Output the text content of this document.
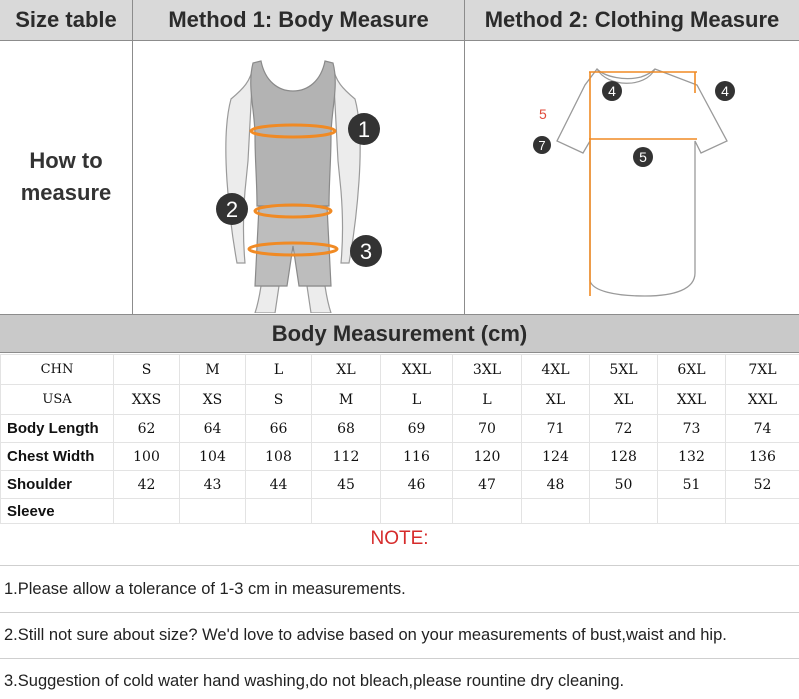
Size table	Method 1: Body Measure	Method 2: Clothing Measure
How to
measure
1
2
3
5
4	4
5
7
Body Measurement (cm)
CHN	S	M	L	XL	XXL	3XL	4XL	5XL	6XL	7XL
USA	XXS	XS	S	M	L	L	XL	XL	XXL	XXL
Body Length	62	64	66	68	69	70	71	72	73	74
Chest Width	100	104	108	112	116	120	124	128	132	136
Shoulder	42	43	44	45	46	47	48	50	51	52
Sleeve										
NOTE:
1.Please allow a tolerance of 1-3 cm in measurements.
2.Still not sure about size? We'd love to advise based on your measurements of bust,waist and hip.
3.Suggestion of cold water hand washing,do not bleach,please rountine dry cleaning.
